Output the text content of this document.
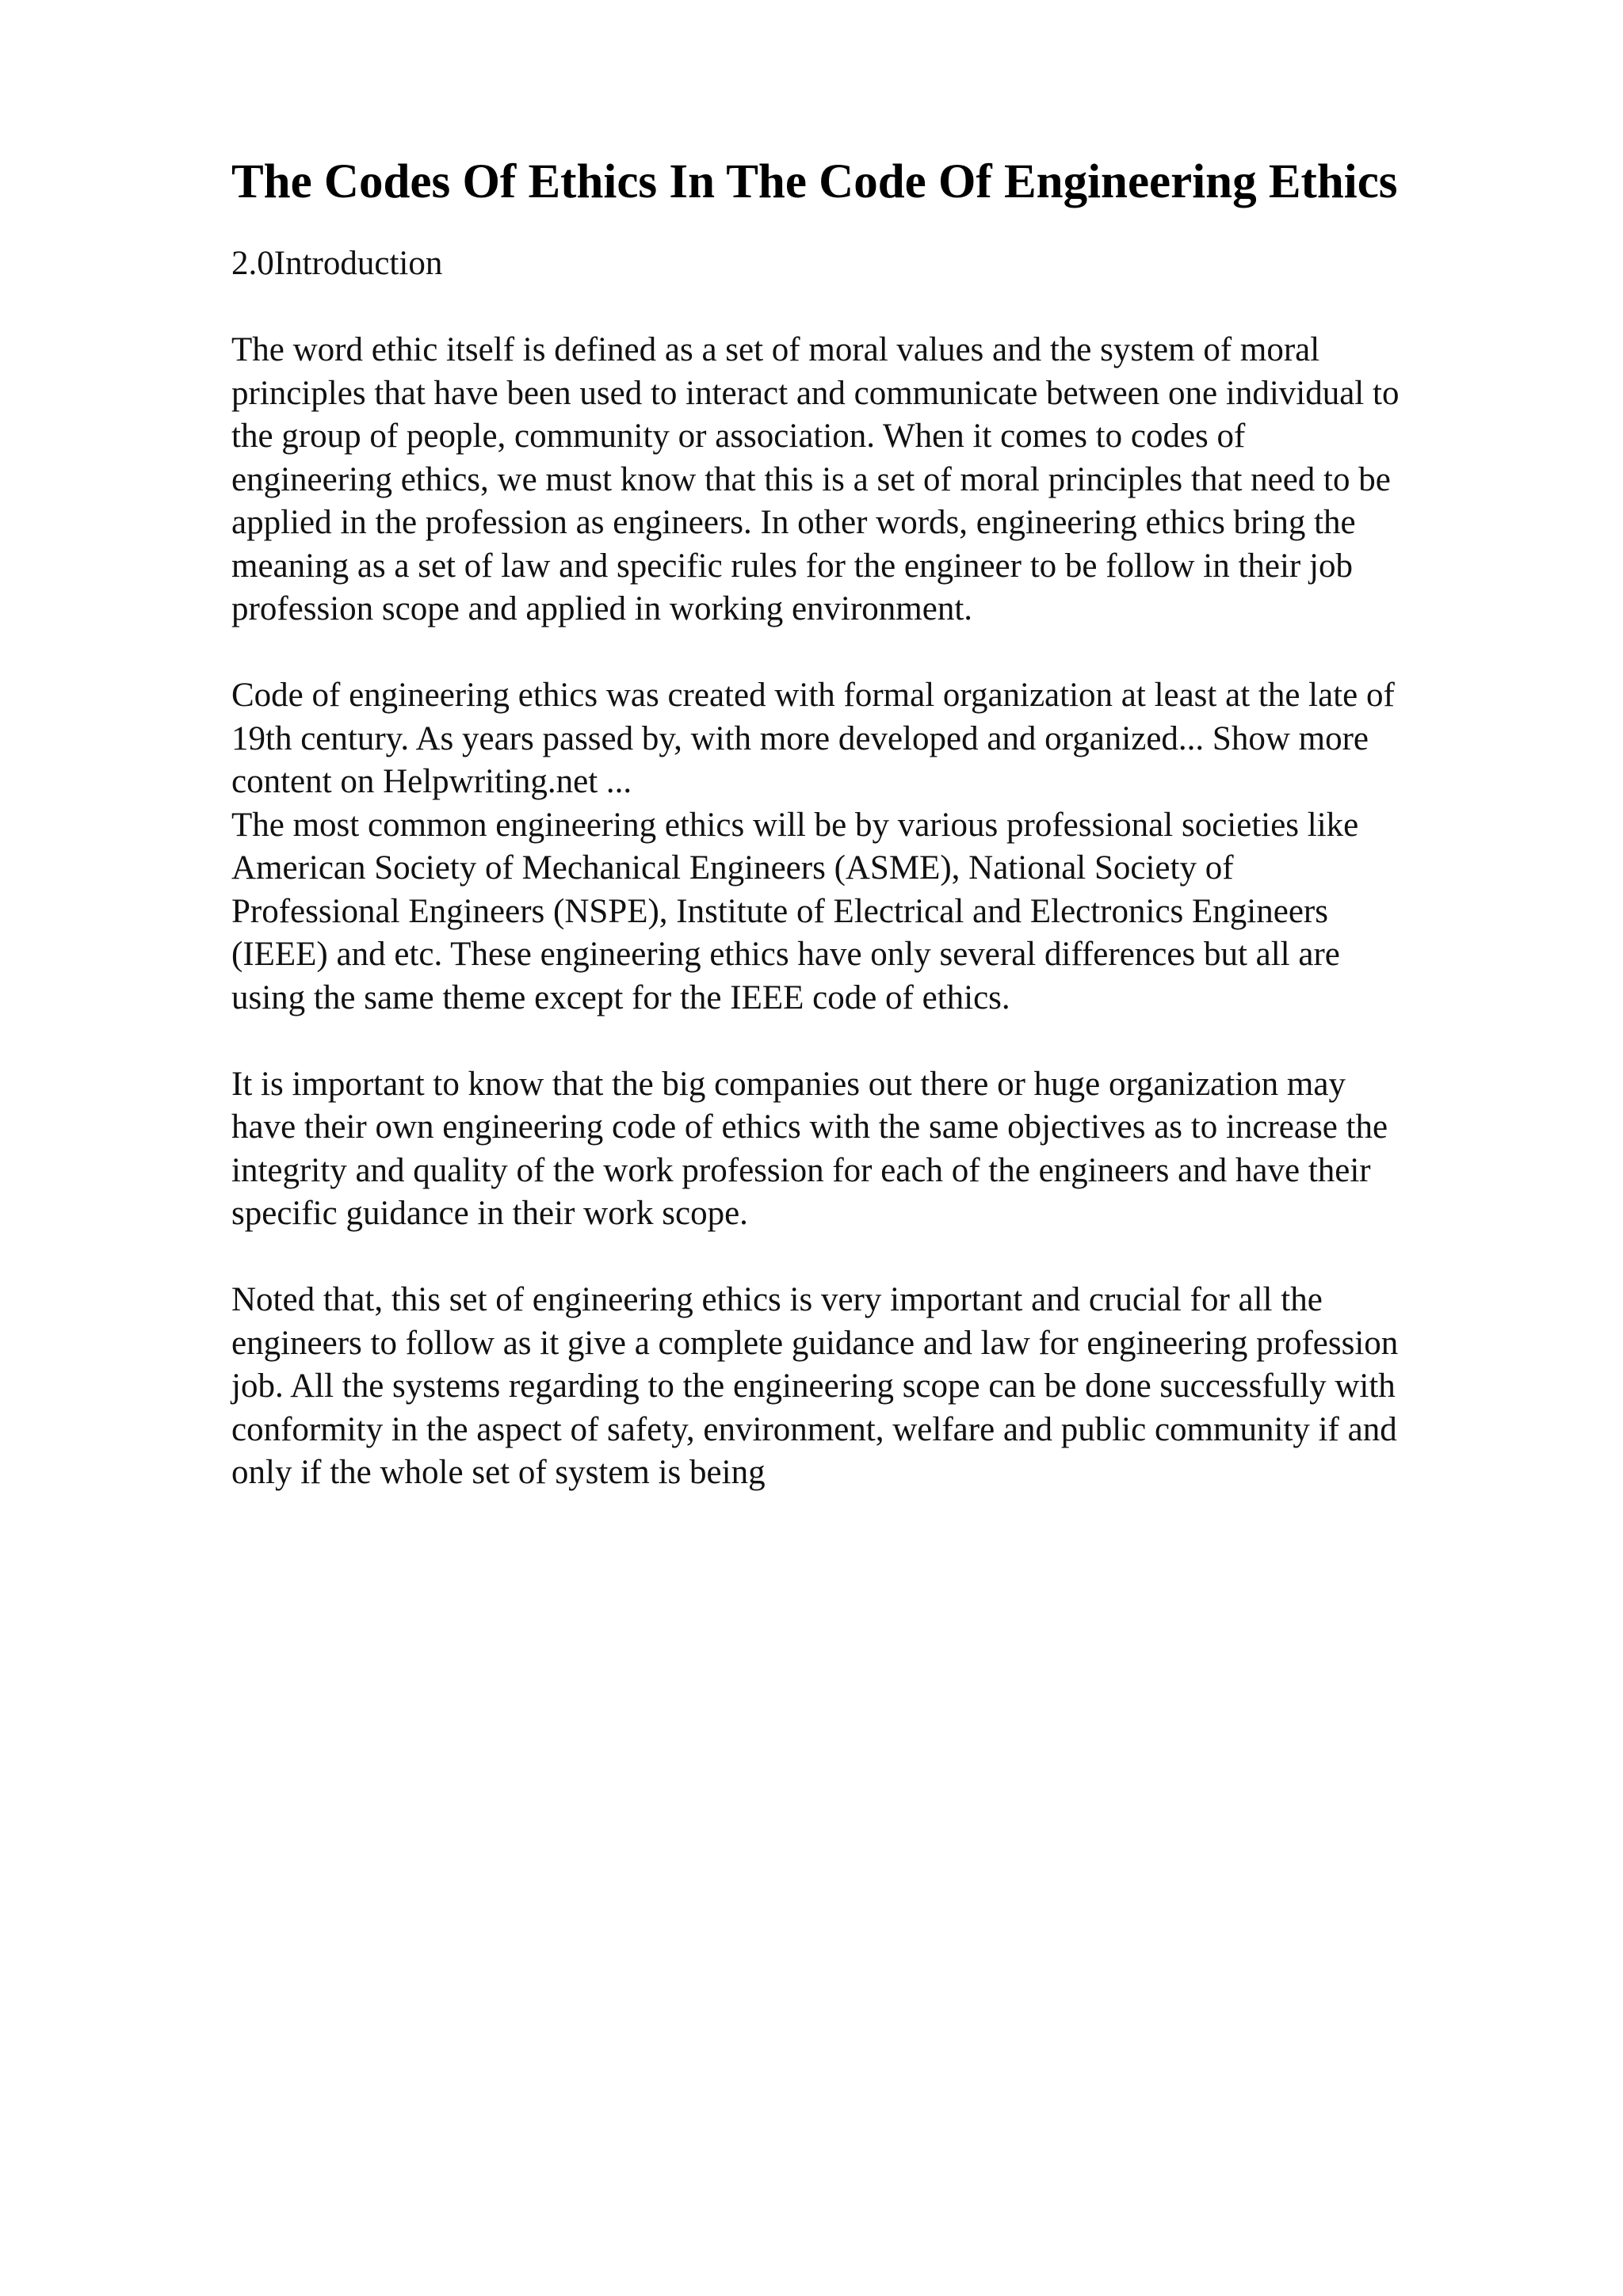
The Codes Of Ethics In The Code Of Engineering Ethics

2.0Introduction

The word ethic itself is defined as a set of moral values and the system of moral
principles that have been used to interact and communicate between one individual to
the group of people, community or association. When it comes to codes of
engineering ethics, we must know that this is a set of moral principles that need to be
applied in the profession as engineers. In other words, engineering ethics bring the
meaning as a set of law and specific rules for the engineer to be follow in their job
profession scope and applied in working environment.

Code of engineering ethics was created with formal organization at least at the late of
19th century. As years passed by, with more developed and organized... Show more
content on Helpwriting.net ...
The most common engineering ethics will be by various professional societies like
American Society of Mechanical Engineers (ASME), National Society of
Professional Engineers (NSPE), Institute of Electrical and Electronics Engineers
(IEEE) and etc. These engineering ethics have only several differences but all are
using the same theme except for the IEEE code of ethics.

It is important to know that the big companies out there or huge organization may
have their own engineering code of ethics with the same objectives as to increase the
integrity and quality of the work profession for each of the engineers and have their
specific guidance in their work scope.

Noted that, this set of engineering ethics is very important and crucial for all the
engineers to follow as it give a complete guidance and law for engineering profession
job. All the systems regarding to the engineering scope can be done successfully with
conformity in the aspect of safety, environment, welfare and public community if and
only if the whole set of system is being
